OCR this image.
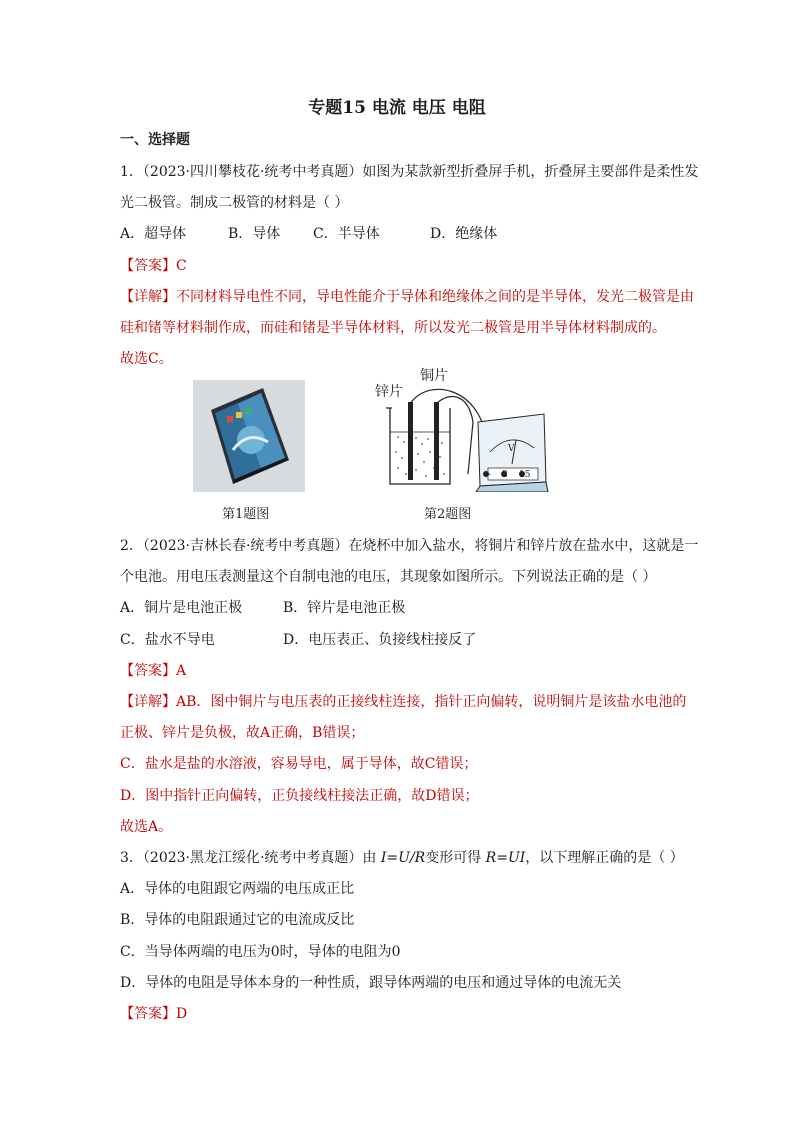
专题15 电流 电压 电阻
一、选择题
1．（2023·四川攀枝花·统考中考真题）如图为某款新型折叠屏手机，折叠屏主要部件是柔性发
光二极管。制成二极管的材料是（ ）
A．超导体	B．导体 C．半导体	D．绝缘体
【答案】C
【详解】不同材料导电性不同，导电性能介于导体和绝缘体之间的是半导体，发光二极管是由
硅和锗等材料制作成，而硅和锗是半导体材料，所以发光二极管是用半导体材料制成的。
故选C。
锌片
铜片
V
− 3 15
第1题图	第2题图
2．（2023·吉林长春·统考中考真题）在烧杯中加入盐水，将铜片和锌片放在盐水中，这就是一
个电池。用电压表测量这个自制电池的电压，其现象如图所示。下列说法正确的是（ ）
A．铜片是电池正极	B．锌片是电池正极
C．盐水不导电	D．电压表正、负接线柱接反了
【答案】A
【详解】AB．图中铜片与电压表的正接线柱连接，指针正向偏转，说明铜片是该盐水电池的
正极、锌片是负极，故A正确，B错误；
C．盐水是盐的水溶液，容易导电，属于导体，故C错误；
D．图中指针正向偏转，正负接线柱接法正确，故D错误；
故选A。
3．（2023·黑龙江绥化·统考中考真题）由 I=U/R变形可得 R=UI，以下理解正确的是（ ）
A．导体的电阻跟它两端的电压成正比
B．导体的电阻跟通过它的电流成反比
C．当导体两端的电压为0时，导体的电阻为0
D．导体的电阻是导体本身的一种性质，跟导体两端的电压和通过导体的电流无关
【答案】D
